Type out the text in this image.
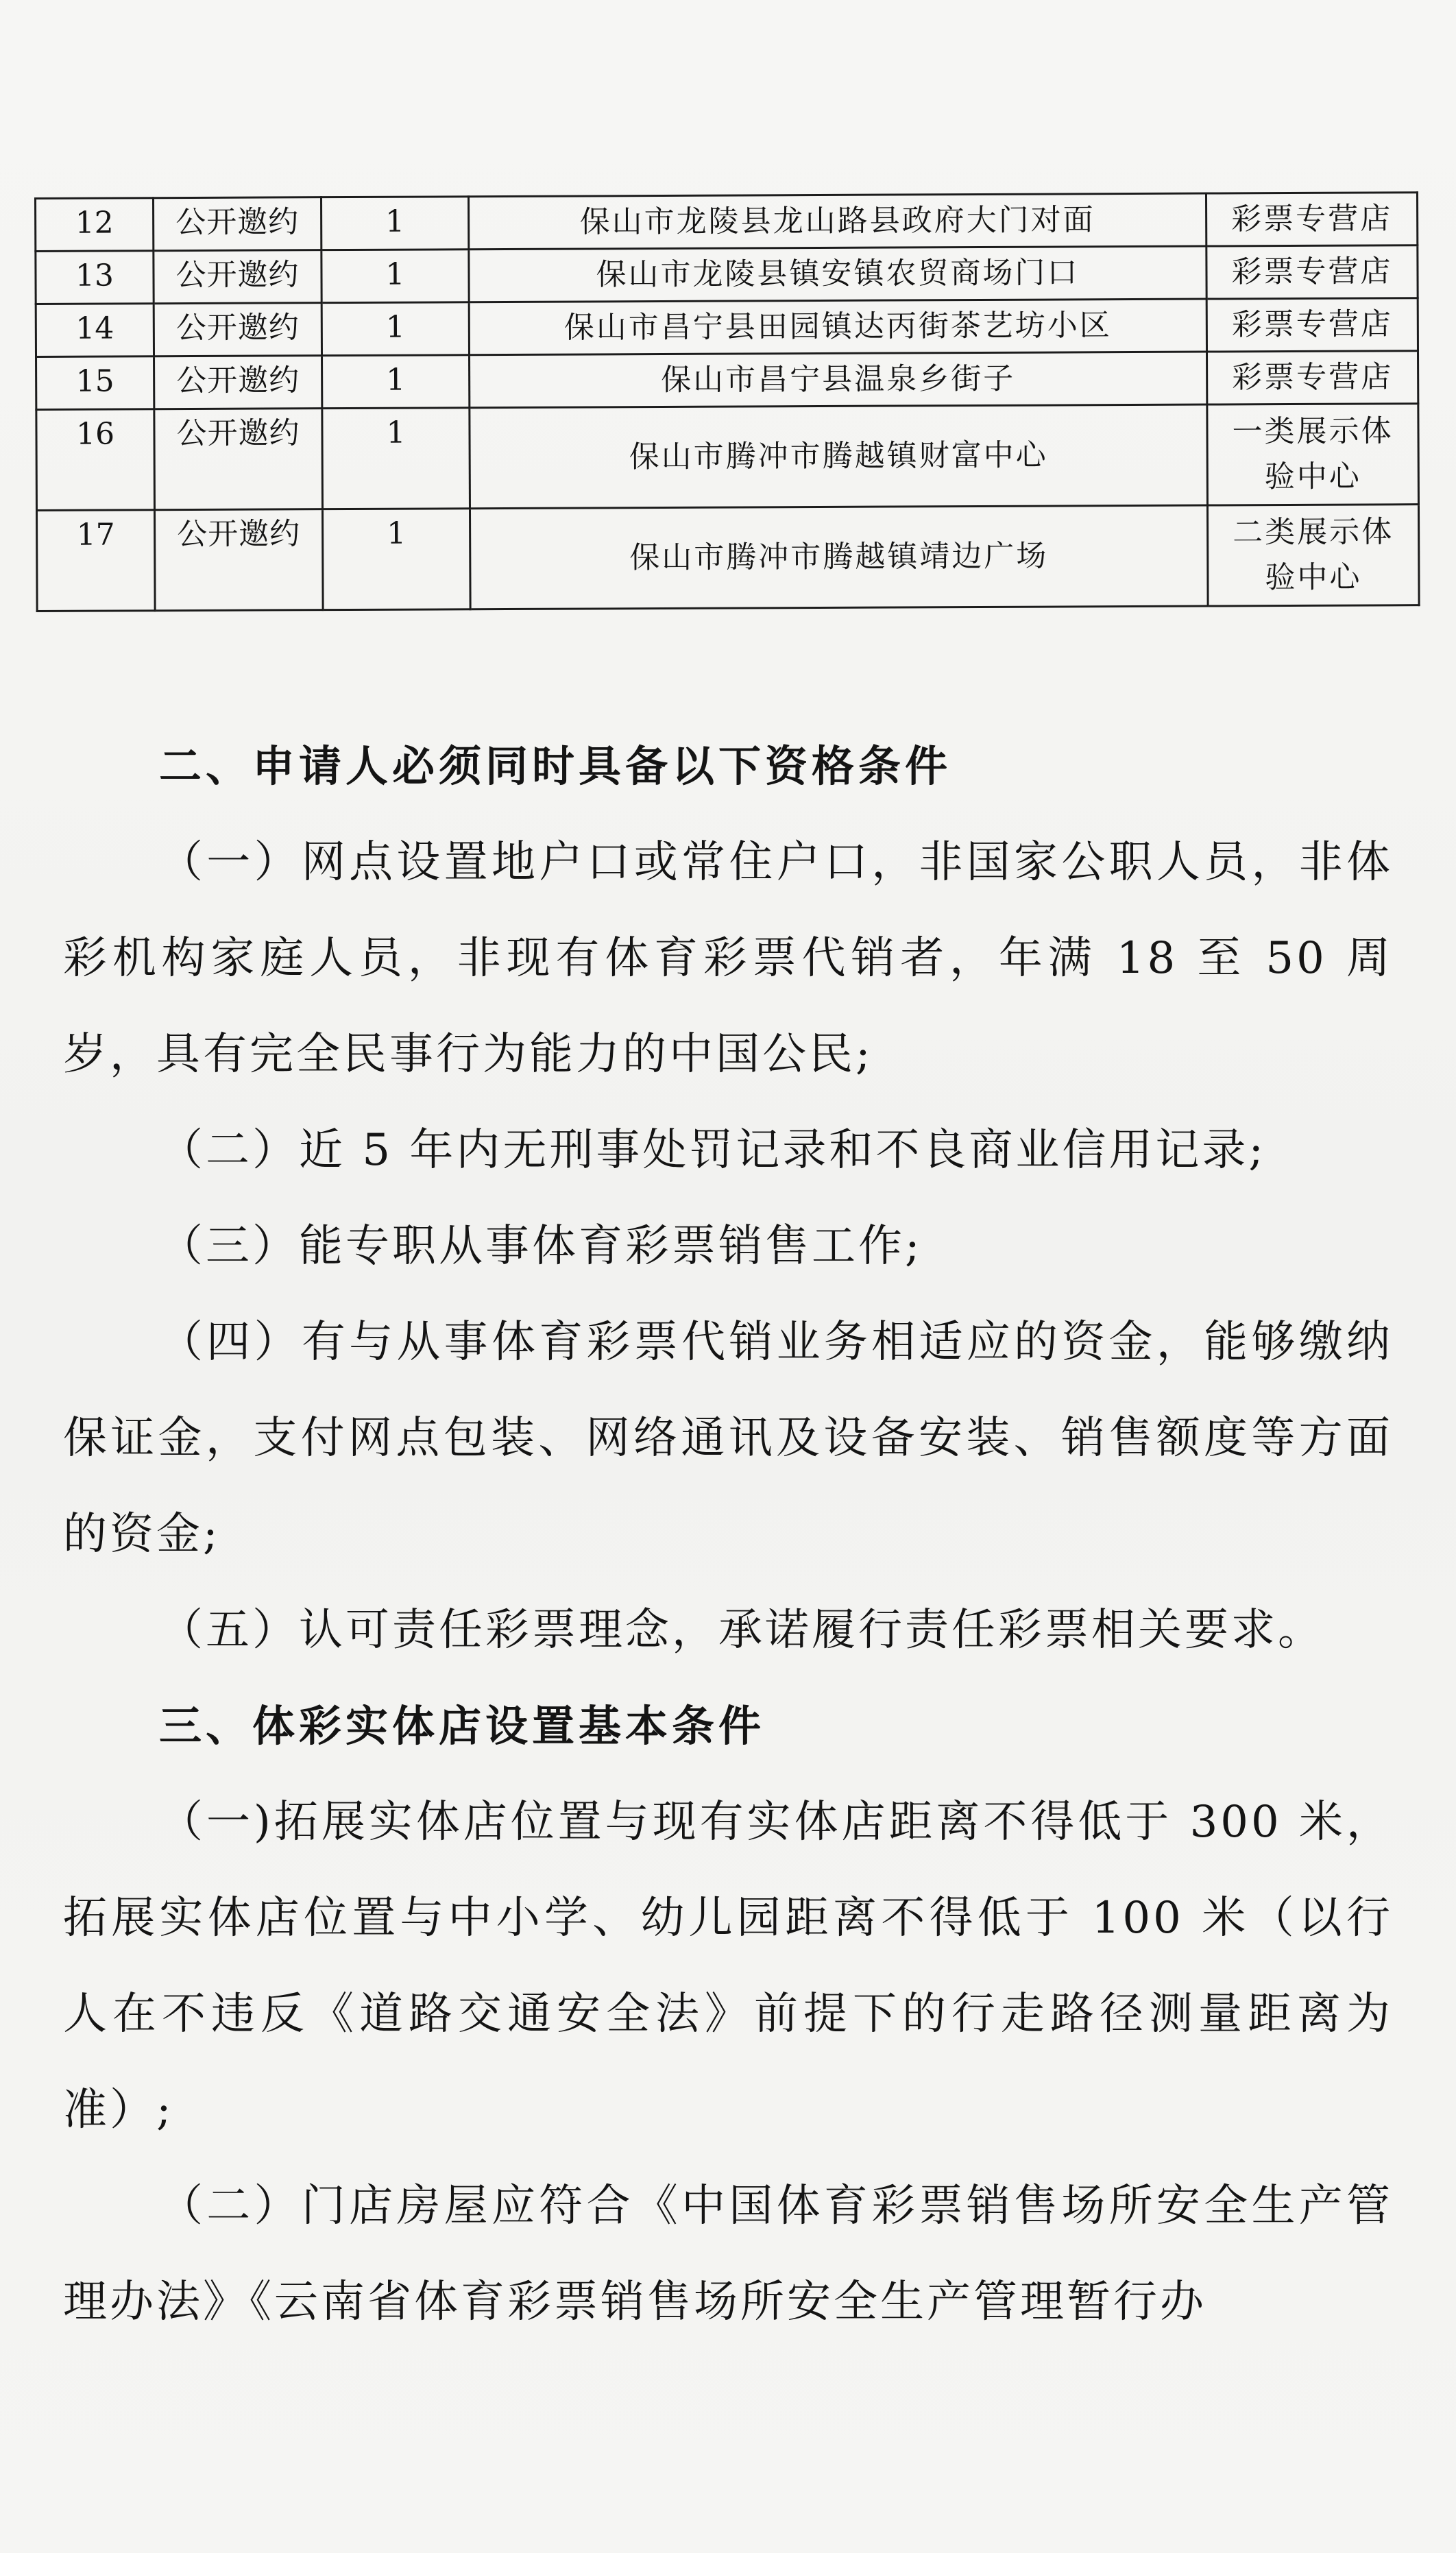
12	公开邀约	1	保山市龙陵县龙山路县政府大门对面	彩票专营店

13	公开邀约	1	保山市龙陵县镇安镇农贸商场门口	彩票专营店

14	公开邀约	1	保山市昌宁县田园镇达丙街茶艺坊小区	彩票专营店

15	公开邀约	1	保山市昌宁县温泉乡街子	彩票专营店

16	公开邀约	1	保山市腾冲市腾越镇财富中心	一类展示体
验中心

17	公开邀约	1	保山市腾冲市腾越镇靖边广场	二类展示体
验中心
二、申请人必须同时具备以下资格条件
（一）网点设置地户口或常住户口，非国家公职人员，非体彩机构家庭人员，非现有体育彩票代销者，年满 18 至 50 周岁，具有完全民事行为能力的中国公民;
（二）近 5 年内无刑事处罚记录和不良商业信用记录;
（三）能专职从事体育彩票销售工作;
（四）有与从事体育彩票代销业务相适应的资金，能够缴纳保证金，支付网点包装、网络通讯及设备安装、销售额度等方面的资金;
（五）认可责任彩票理念，承诺履行责任彩票相关要求。
三、体彩实体店设置基本条件
（一)拓展实体店位置与现有实体店距离不得低于 300 米，拓展实体店位置与中小学、幼儿园距离不得低于 100 米（以行人在不违反《道路交通安全法》前提下的行走路径测量距离为准）;
（二）门店房屋应符合《中国体育彩票销售场所安全生产管理办法》《云南省体育彩票销售场所安全生产管理暂行办
